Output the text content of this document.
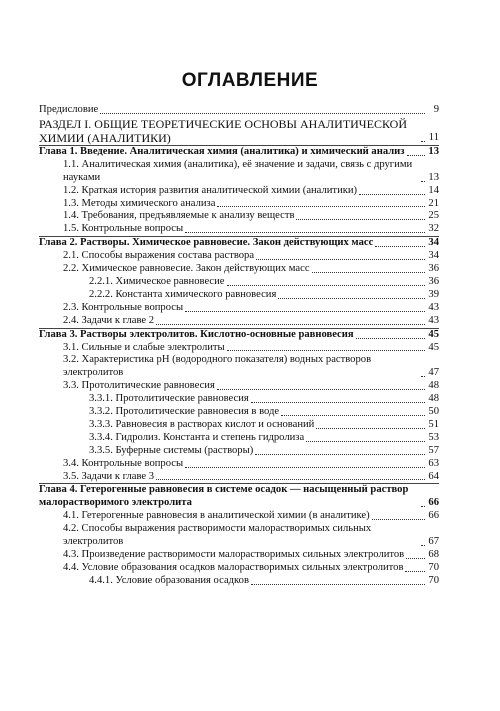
ОГЛАВЛЕНИЕ
Предисловие	9
РАЗДЕЛ I. ОБЩИЕ ТЕОРЕТИЧЕСКИЕ ОСНОВЫ АНАЛИТИЧЕСКОЙ ХИМИИ (АНАЛИТИКИ)	11
Глава 1. Введение. Аналитическая химия (аналитика) и химический анализ 13
1.1. Аналитическая химия (аналитика), её значение и задачи, связь с другими науками	13
1.2. Краткая история развития аналитической химии (аналитики)	14
1.3. Методы химического анализа	21
1.4. Требования, предъявляемые к анализу веществ	25
1.5. Контрольные вопросы	32
Глава 2. Растворы. Химическое равновесие. Закон действующих масс	34
2.1. Способы выражения состава раствора	34
2.2. Химическое равновесие. Закон действующих масс	36
2.2.1. Химическое равновесие	36
2.2.2. Константа химического равновесия	39
2.3. Контрольные вопросы	43
2.4. Задачи к главе 2	43
Глава 3. Растворы электролитов. Кислотно-основные равновесия	45
3.1. Сильные и слабые электролиты	45
3.2. Характеристика pH (водородного показателя) водных растворов электролитов	47
3.3. Протолитические равновесия	48
3.3.1. Протолитические равновесия	48
3.3.2. Протолитические равновесия в воде	50
3.3.3. Равновесия в растворах кислот и оснований	51
3.3.4. Гидролиз. Константа и степень гидролиза	53
3.3.5. Буферные системы (растворы)	57
3.4. Контрольные вопросы	63
3.5. Задачи к главе 3	64
Глава 4. Гетерогенные равновесия в системе осадок — насыщенный раствор малорастворимого электролита	66
4.1. Гетерогенные равновесия в аналитической химии (в аналитике)	66
4.2. Способы выражения растворимости малорастворимых сильных электролитов	67
4.3. Произведение растворимости малорастворимых сильных электролитов 68
4.4. Условие образования осадков малорастворимых сильных электролитов 70
4.4.1. Условие образования осадков	70
